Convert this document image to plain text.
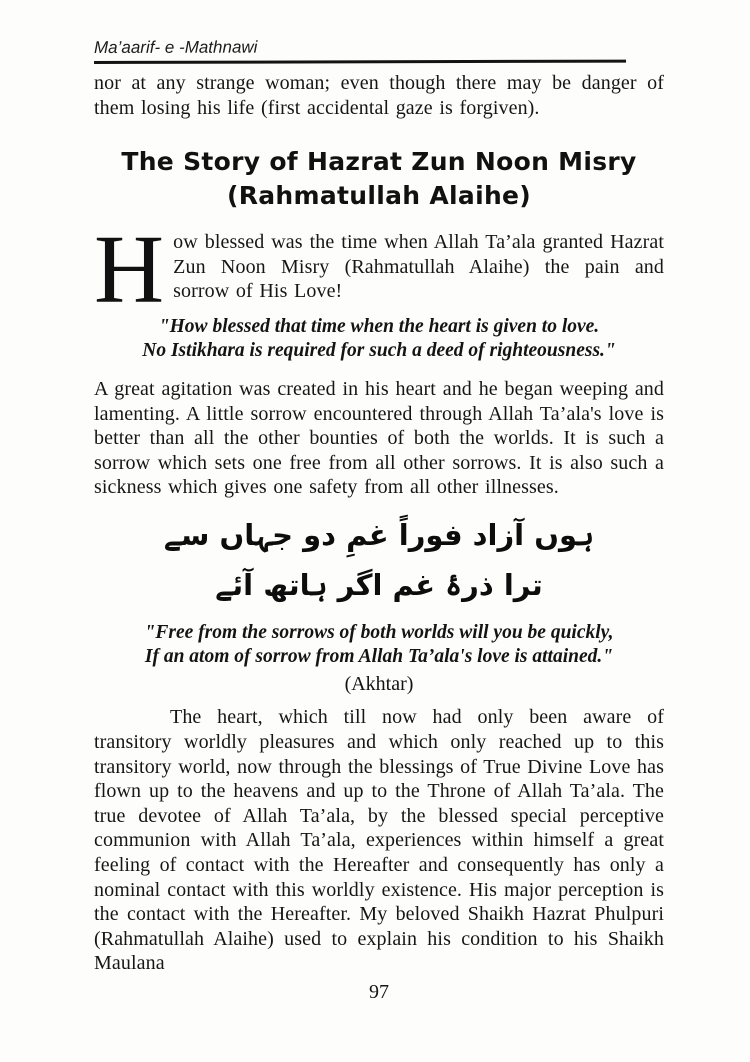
Ma’aarif- e -Mathnawi

nor at any strange woman; even though there may be danger of them losing his life (first accidental gaze is forgiven).

The Story of Hazrat Zun Noon Misry
(Rahmatullah Alaihe)

How blessed was the time when Allah Ta’ala granted Hazrat Zun Noon Misry (Rahmatullah Alaihe) the pain and sorrow of His Love!

"How blessed that time when the heart is given to love.
No Istikhara is required for such a deed of righteousness."

A great agitation was created in his heart and he began weeping and lamenting. A little sorrow encountered through Allah Ta’ala's love is better than all the other bounties of both the worlds. It is such a sorrow which sets one free from all other sorrows. It is also such a sickness which gives one safety from all other illnesses.

ہوں آزاد فوراً غمِ دو جہاں سے
ترا ذرۂ غم اگر ہاتھ آئے
"Free from the sorrows of both worlds will you be quickly,
If an atom of sorrow from Allah Ta’ala's love is attained."
(Akhtar)

The heart, which till now had only been aware of transitory worldly pleasures and which only reached up to this transitory world, now through the blessings of True Divine Love has flown up to the heavens and up to the Throne of Allah Ta’ala. The true devotee of Allah Ta’ala, by the blessed special perceptive communion with Allah Ta’ala, experiences within himself a great feeling of contact with the Hereafter and consequently has only a nominal contact with this worldly existence. His major perception is the contact with the Hereafter. My beloved Shaikh Hazrat Phulpuri (Rahmatullah Alaihe) used to explain his condition to his Shaikh Maulana

97
